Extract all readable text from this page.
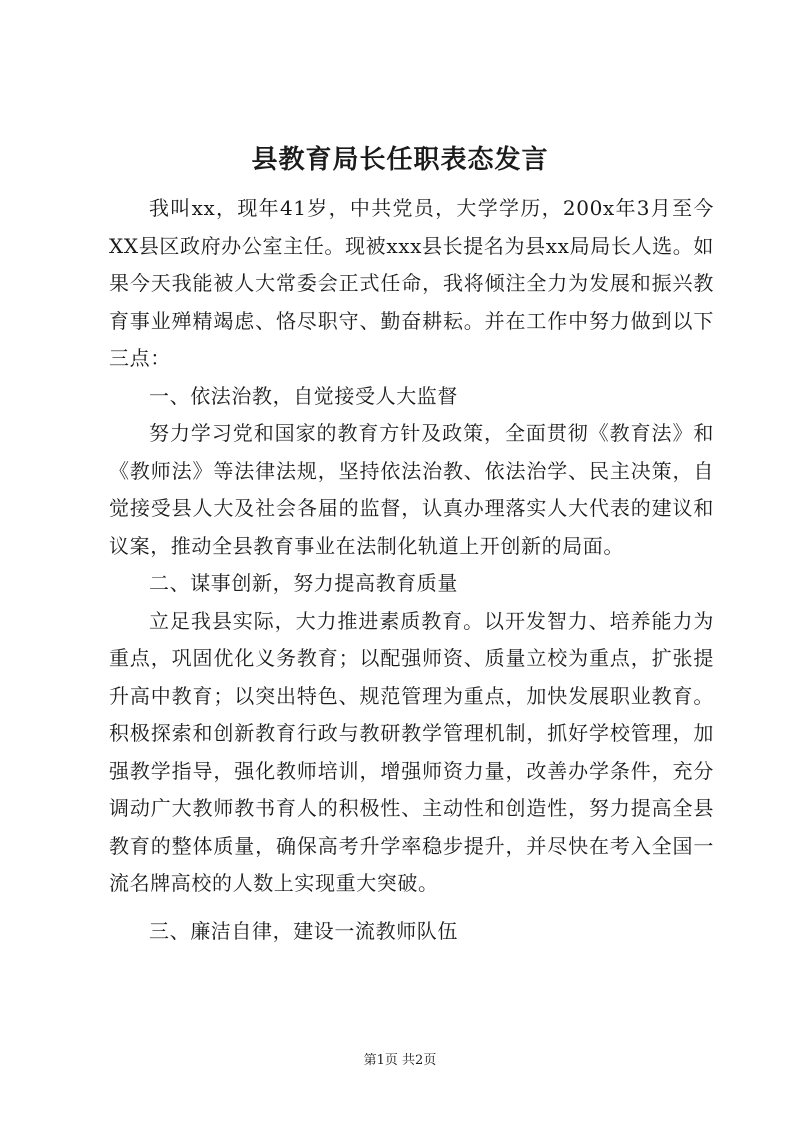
县教育局长任职表态发言

我叫xx，现年41岁，中共党员，大学学历，200x年3月至今XX县区政府办公室主任。现被xxx县长提名为县xx局局长人选。如果今天我能被人大常委会正式任命，我将倾注全力为发展和振兴教育事业殚精竭虑、恪尽职守、勤奋耕耘。并在工作中努力做到以下三点：

一、依法治教，自觉接受人大监督

努力学习党和国家的教育方针及政策，全面贯彻《教育法》和《教师法》等法律法规，坚持依法治教、依法治学、民主决策，自觉接受县人大及社会各届的监督，认真办理落实人大代表的建议和议案，推动全县教育事业在法制化轨道上开创新的局面。

二、谋事创新，努力提高教育质量

立足我县实际，大力推进素质教育。以开发智力、培养能力为重点，巩固优化义务教育；以配强师资、质量立校为重点，扩张提升高中教育；以突出特色、规范管理为重点，加快发展职业教育。积极探索和创新教育行政与教研教学管理机制，抓好学校管理，加强教学指导，强化教师培训，增强师资力量，改善办学条件，充分调动广大教师教书育人的积极性、主动性和创造性，努力提高全县教育的整体质量，确保高考升学率稳步提升，并尽快在考入全国一流名牌高校的人数上实现重大突破。

三、廉洁自律，建设一流教师队伍

第1页 共2页
